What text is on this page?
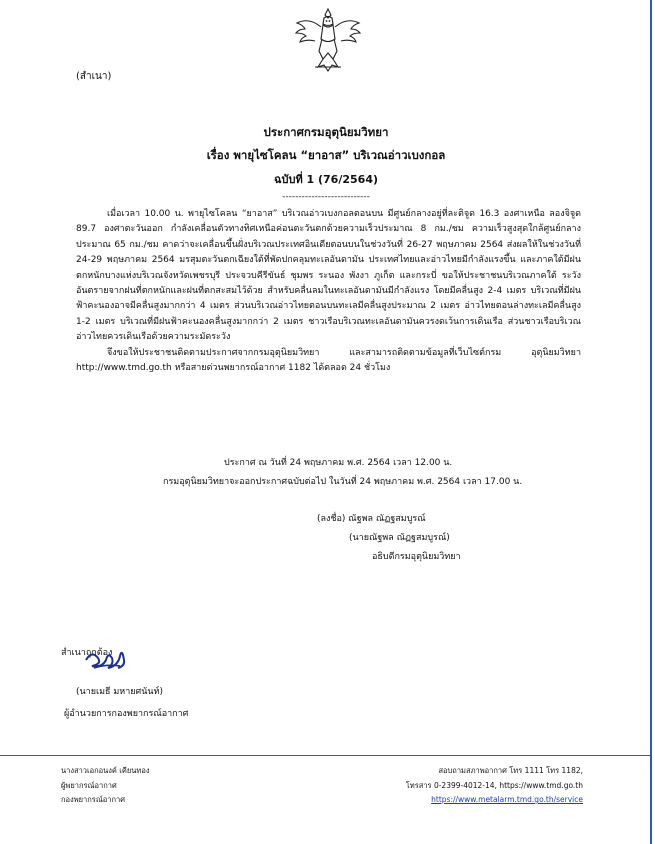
(สำเนา)
ประกาศกรมอุตุนิยมวิทยา
เรื่อง พายุไซโคลน “ยาอาส” บริเวณอ่าวเบงกอล
ฉบับที่ 1 (76/2564)
---------------------------

เมื่อเวลา 10.00 น. พายุไซโคลน “ยาอาส” บริเวณอ่าวเบงกอลตอนบน มีศูนย์กลางอยู่ที่ละติจูด 16.3 องศาเหนือ ลองจิจูด 89.7 องศาตะวันออก กำลังเคลื่อนตัวทางทิศเหนือค่อนตะวันตกด้วยความเร็วประมาณ 8 กม./ชม ความเร็วสูงสุดใกล้ศูนย์กลางประมาณ 65 กม./ชม คาดว่าจะเคลื่อนขึ้นฝั่งบริเวณประเทศอินเดียตอนบนในช่วงวันที่ 26-27 พฤษภาคม 2564 ส่งผลให้ในช่วงวันที่ 24-29 พฤษภาคม 2564 มรสุมตะวันตกเฉียงใต้ที่พัดปกคลุมทะเลอันดามัน ประเทศไทยและอ่าวไทยมีกำลังแรงขึ้น และภาคใต้มีฝนตกหนักบางแห่งบริเวณจังหวัดเพชรบุรี ประจวบคีรีขันธ์ ชุมพร ระนอง พังงา ภูเก็ต และกระบี่ ขอให้ประชาชนบริเวณภาคใต้ ระวังอันตรายจากฝนที่ตกหนักและฝนที่ตกสะสมไว้ด้วย สำหรับคลื่นลมในทะเลอันดามันมีกำลังแรง โดยมีคลื่นสูง 2-4 เมตร บริเวณที่มีฝนฟ้าคะนองอาจมีคลื่นสูงมากกว่า 4 เมตร ส่วนบริเวณอ่าวไทยตอนบนทะเลมีคลื่นสูงประมาณ 2 เมตร อ่าวไทยตอนล่างทะเลมีคลื่นสูง 1-2 เมตร บริเวณที่มีฝนฟ้าคะนองคลื่นสูงมากกว่า 2 เมตร ชาวเรือบริเวณทะเลอันดามันควรงดเว้นการเดินเรือ ส่วนชาวเรือบริเวณอ่าวไทยควรเดินเรือด้วยความระมัดระวัง

จึงขอให้ประชาชนติดตามประกาศจากกรมอุตุนิยมวิทยา และสามารถติดตามข้อมูลที่เว็บไซต์กรม อุตุนิยมวิทยา http://www.tmd.go.th หรือสายด่วนพยากรณ์อากาศ 1182 ได้ตลอด 24 ชั่วโมง

ประกาศ ณ วันที่ 24 พฤษภาคม พ.ศ. 2564 เวลา 12.00 น.
กรมอุตุนิยมวิทยาจะออกประกาศฉบับต่อไป ในวันที่ 24 พฤษภาคม พ.ศ. 2564 เวลา 17.00 น.
(ลงชื่อ) ณัฐพล ณัฏฐสมบูรณ์
(นายณัฐพล ณัฏฐสมบูรณ์)
อธิบดีกรมอุตุนิยมวิทยา
สำเนาถูกต้อง
(นายเมธี มหายศนันท์)
ผู้อำนวยการกองพยากรณ์อากาศ
นางสาวเอกอนงค์ เคียนทอง
ผู้พยากรณ์อากาศ
กองพยากรณ์อากาศ
สอบถามสภาพอากาศ โทร 1111 โทร 1182,
โทรสาร 0-2399-4012-14, https://www.tmd.go.th
https://www.metalarm.tmd.go.th/service
